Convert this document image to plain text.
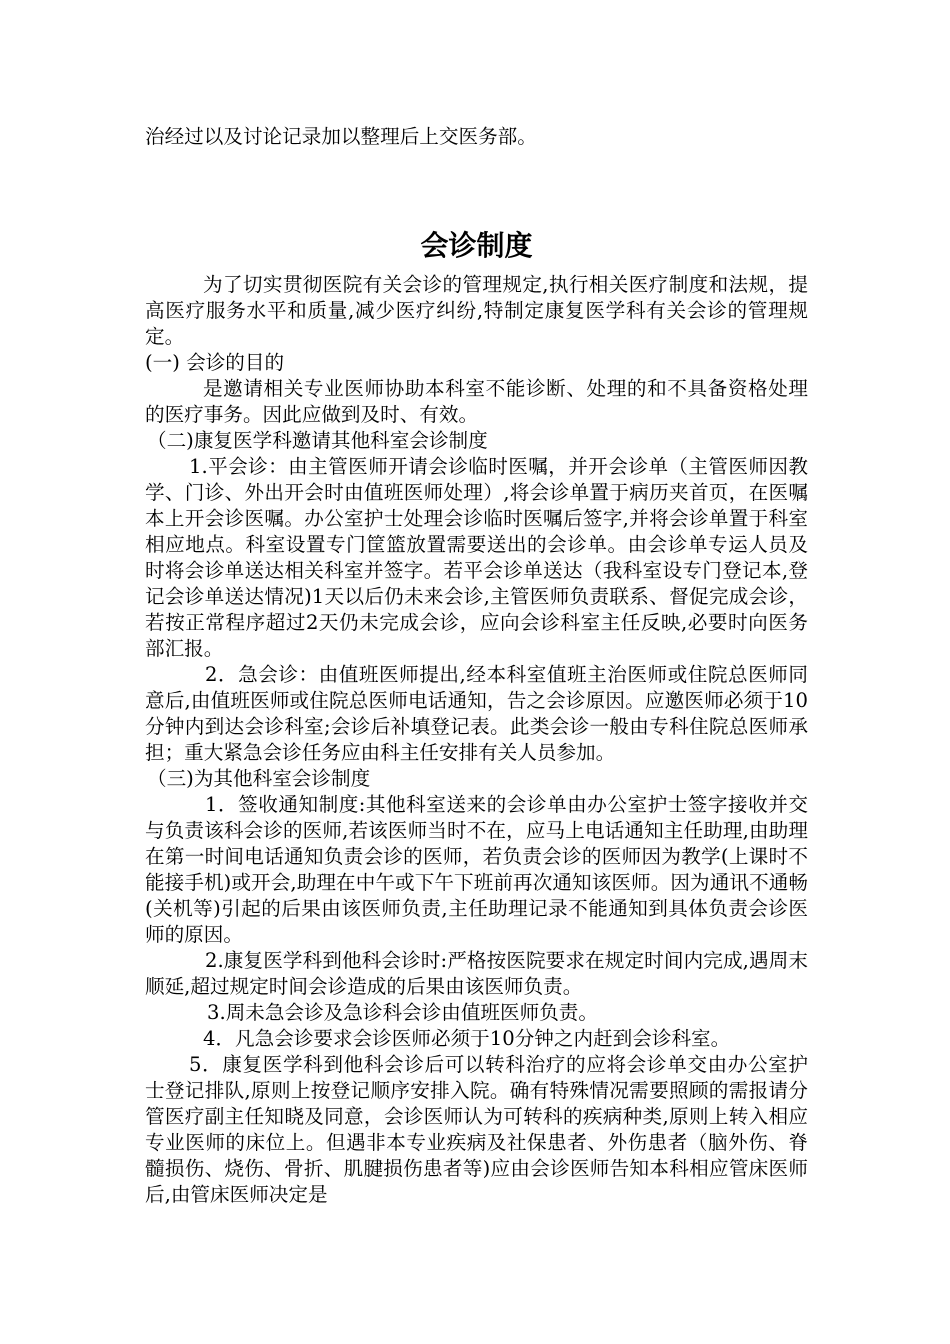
治经过以及讨论记录加以整理后上交医务部。
会诊制度

为了切实贯彻医院有关会诊的管理规定,执行相关医疗制度和法规，提高医疗服务水平和质量,减少医疗纠纷,特制定康复医学科有关会诊的管理规定。

(一) 会诊的目的

是邀请相关专业医师协助本科室不能诊断、处理的和不具备资格处理的医疗事务。因此应做到及时、有效。

（二)康复医学科邀请其他科室会诊制度

1.平会诊：由主管医师开请会诊临时医嘱，并开会诊单（主管医师因教学、门诊、外出开会时由值班医师处理）,将会诊单置于病历夹首页，在医嘱本上开会诊医嘱。办公室护士处理会诊临时医嘱后签字,并将会诊单置于科室相应地点。科室设置专门筐篮放置需要送出的会诊单。由会诊单专运人员及时将会诊单送达相关科室并签字。若平会诊单送达（我科室设专门登记本,登记会诊单送达情况)1天以后仍未来会诊,主管医师负责联系、督促完成会诊，若按正常程序超过2天仍未完成会诊，应向会诊科室主任反映,必要时向医务部汇报。

2．急会诊：由值班医师提出,经本科室值班主治医师或住院总医师同意后,由值班医师或住院总医师电话通知，告之会诊原因。应邀医师必须于10分钟内到达会诊科室;会诊后补填登记表。此类会诊一般由专科住院总医师承担；重大紧急会诊任务应由科主任安排有关人员参加。

（三)为其他科室会诊制度

1．签收通知制度:其他科室送来的会诊单由办公室护士签字接收并交与负责该科会诊的医师,若该医师当时不在，应马上电话通知主任助理,由助理在第一时间电话通知负责会诊的医师，若负责会诊的医师因为教学(上课时不能接手机)或开会,助理在中午或下午下班前再次通知该医师。因为通讯不通畅(关机等)引起的后果由该医师负责,主任助理记录不能通知到具体负责会诊医师的原因。

2.康复医学科到他科会诊时:严格按医院要求在规定时间内完成,遇周末顺延,超过规定时间会诊造成的后果由该医师负责。

3.周未急会诊及急诊科会诊由值班医师负责。

4．凡急会诊要求会诊医师必须于10分钟之内赶到会诊科室。

5．康复医学科到他科会诊后可以转科治疗的应将会诊单交由办公室护士登记排队,原则上按登记顺序安排入院。确有特殊情况需要照顾的需报请分管医疗副主任知晓及同意，会诊医师认为可转科的疾病种类,原则上转入相应专业医师的床位上。但遇非本专业疾病及社保患者、外伤患者（脑外伤、脊髓损伤、烧伤、骨折、肌腱损伤患者等)应由会诊医师告知本科相应管床医师后,由管床医师决定是
